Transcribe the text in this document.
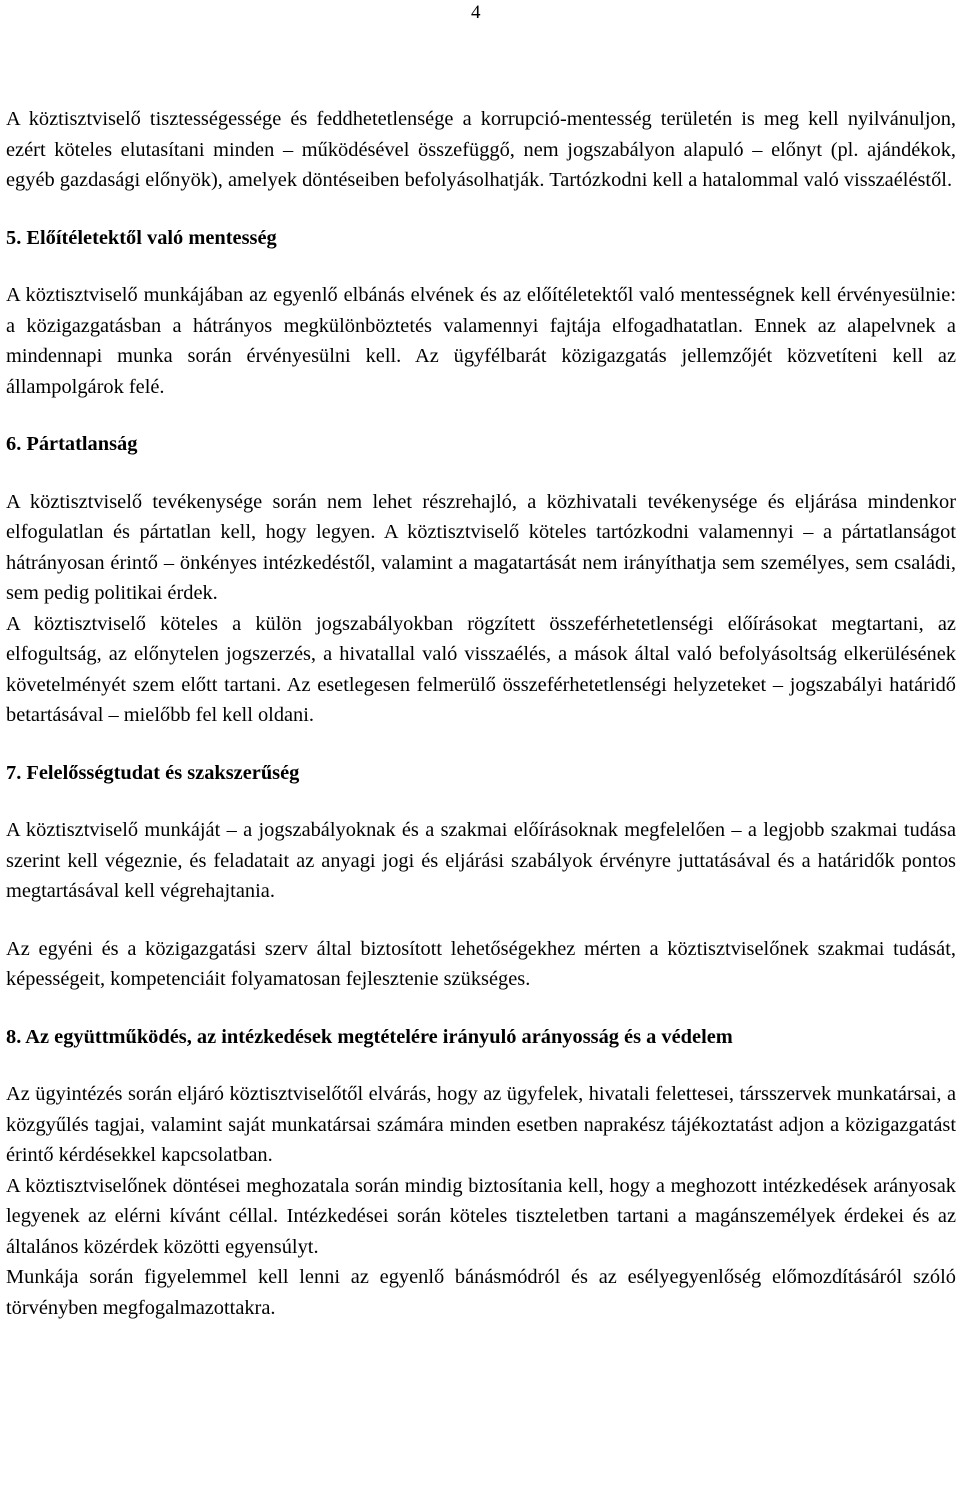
4

A köztisztviselő tisztességessége és feddhetetlensége a korrupció-mentesség területén is meg kell nyilvánuljon, ezért köteles elutasítani minden – működésével összefüggő, nem jogszabályon alapuló – előnyt (pl. ajándékok, egyéb gazdasági előnyök), amelyek döntéseiben befolyásolhatják. Tartózkodni kell a hatalommal való visszaéléstől.

5. Előítéletektől való mentesség

A köztisztviselő munkájában az egyenlő elbánás elvének és az előítéletektől való mentességnek kell érvényesülnie: a közigazgatásban a hátrányos megkülönböztetés valamennyi fajtája elfogadhatatlan. Ennek az alapelvnek a mindennapi munka során érvényesülni kell. Az ügyfélbarát közigazgatás jellemzőjét közvetíteni kell az állampolgárok felé.

6. Pártatlanság

A köztisztviselő tevékenysége során nem lehet részrehajló, a közhivatali tevékenysége és eljárása mindenkor elfogulatlan és pártatlan kell, hogy legyen. A köztisztviselő köteles tartózkodni valamennyi – a pártatlanságot hátrányosan érintő – önkényes intézkedéstől, valamint a magatartását nem irányíthatja sem személyes, sem családi, sem pedig politikai érdek.

A köztisztviselő köteles a külön jogszabályokban rögzített összeférhetetlenségi előírásokat megtartani, az elfogultság, az előnytelen jogszerzés, a hivatallal való visszaélés, a mások által való befolyásoltság elkerülésének követelményét szem előtt tartani. Az esetlegesen felmerülő összeférhetetlenségi helyzeteket – jogszabályi határidő betartásával – mielőbb fel kell oldani.

7. Felelősségtudat és szakszerűség

A köztisztviselő munkáját – a jogszabályoknak és a szakmai előírásoknak megfelelően – a legjobb szakmai tudása szerint kell végeznie, és feladatait az anyagi jogi és eljárási szabályok érvényre juttatásával és a határidők pontos megtartásával kell végrehajtania.

Az egyéni és a közigazgatási szerv által biztosított lehetőségekhez mérten a köztisztviselőnek szakmai tudását, képességeit, kompetenciáit folyamatosan fejlesztenie szükséges.

8. Az együttműködés, az intézkedések megtételére irányuló arányosság és a védelem

Az ügyintézés során eljáró köztisztviselőtől elvárás, hogy az ügyfelek, hivatali felettesei, társszervek munkatársai, a közgyűlés tagjai, valamint saját munkatársai számára minden esetben naprakész tájékoztatást adjon a közigazgatást érintő kérdésekkel kapcsolatban.

A köztisztviselőnek döntései meghozatala során mindig biztosítania kell, hogy a meghozott intézkedések arányosak legyenek az elérni kívánt céllal. Intézkedései során köteles tiszteletben tartani a magánszemélyek érdekei és az általános közérdek közötti egyensúlyt.

Munkája során figyelemmel kell lenni az egyenlő bánásmódról és az esélyegyenlőség előmozdításáról szóló törvényben megfogalmazottakra.
